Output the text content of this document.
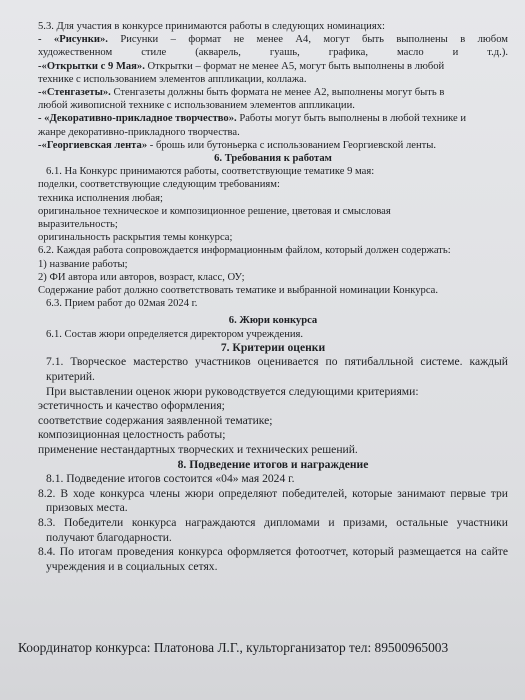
5.3. Для участия в конкурсе принимаются работы в следующих номинациях:

- «Рисунки». Рисунки – формат не менее А4, могут быть выполнены в любом

художественном стиле (акварель, гуашь, графика, масло и т.д.).

-«Открытки с 9 Мая». Открытки – формат не менее А5, могут быть выполнены в любой

технике с использованием элементов аппликации, коллажа.

-«Стенгазеты». Стенгазеты должны быть формата не менее А2, выполнены могут быть в

любой живописной технике с использованием элементов аппликации.

- «Декоративно-прикладное творчество». Работы могут быть выполнены в любой технике и

жанре декоративно-прикладного творчества.

-«Георгиевская лента» - брошь или бутоньерка с использованием Георгиевской ленты.

6. Требования к работам

6.1. На Конкурс принимаются работы, соответствующие тематике 9 мая:

поделки, соответствующие следующим требованиям:

техника исполнения любая;

оригинальное техническое и композиционное решение, цветовая и смысловая

выразительность;

оригинальность раскрытия темы конкурса;

6.2. Каждая работа сопровождается информационным файлом, который должен содержать:

1) название работы;

2) ФИ автора или авторов, возраст, класс, ОУ;

Содержание работ должно соответствовать тематике и выбранной номинации Конкурса.

6.3. Прием работ до 02мая 2024 г.

6. Жюри конкурса

6.1. Состав жюри определяется директором учреждения.

7. Критерии оценки

7.1. Творческое мастерство участников оценивается по пятибалльной системе. каждый

критерий.

При выставлении оценок жюри руководствуется следующими критериями:

эстетичность и качество оформления;

соответствие содержания заявленной тематике;

композиционная целостность работы;

применение нестандартных творческих и технических решений.

8. Подведение итогов и награждение

8.1. Подведение итогов состоится «04» мая 2024 г.

8.2. В ходе конкурса члены жюри определяют победителей, которые занимают первые три

призовых места.

8.3. Победители конкурса награждаются дипломами и призами, остальные участники

получают благодарности.

8.4. По итогам проведения конкурса оформляется фотоотчет, который размещается на сайте

учреждения и в социальных сетях.

Координатор конкурса: Платонова Л.Г., культорганизатор тел: 89500965003
